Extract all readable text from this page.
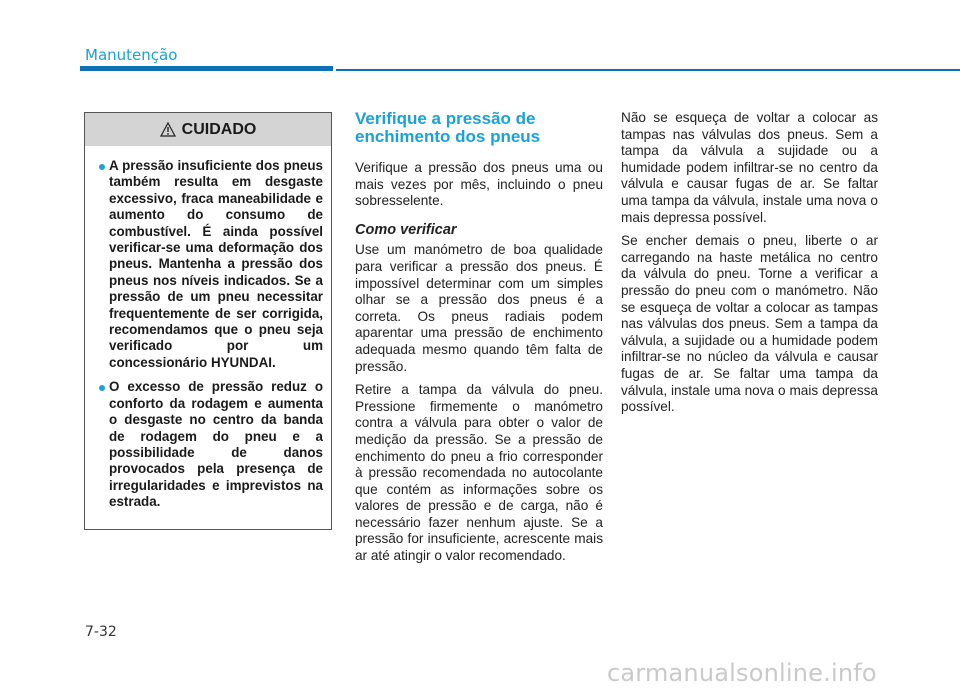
Manutenção
CUIDADO
A pressão insuficiente dos pneus também resulta em desgaste excessivo, fraca maneabilidade e aumento do consumo de combustível. É ainda possível verificar-se uma deformação dos pneus. Mantenha a pressão dos pneus nos níveis indicados. Se a pressão de um pneu necessitar frequentemente de ser corrigida, recomendamos que o pneu seja verificado por um concessionário HYUNDAI.
O excesso de pressão reduz o conforto da rodagem e aumenta o desgaste no centro da banda de rodagem do pneu e a possibilidade de danos provocados pela presença de irregularidades e imprevistos na estrada.
Verifique a pressão de enchimento dos pneus

Verifique a pressão dos pneus uma ou mais vezes por mês, incluindo o pneu sobresselente.

Como verificar

Use um manómetro de boa qualidade para verificar a pressão dos pneus. É impossível determinar com um simples olhar se a pressão dos pneus é a correta. Os pneus radiais podem aparentar uma pressão de enchimento adequada mesmo quando têm falta de pressão.

Retire a tampa da válvula do pneu. Pressione firmemente o manómetro contra a válvula para obter o valor de medição da pressão. Se a pressão de enchimento do pneu a frio corresponder à pressão recomendada no autocolante que contém as informações sobre os valores de pressão e de carga, não é necessário fazer nenhum ajuste. Se a pressão for insuficiente, acrescente mais ar até atingir o valor recomendado.

Não se esqueça de voltar a colocar as tampas nas válvulas dos pneus. Sem a tampa da válvula a sujidade ou a humidade podem infiltrar-se no centro da válvula e causar fugas de ar. Se faltar uma tampa da válvula, instale uma nova o mais depressa possível.

Se encher demais o pneu, liberte o ar carregando na haste metálica no centro da válvula do pneu. Torne a verificar a pressão do pneu com o manómetro. Não se esqueça de voltar a colocar as tampas nas válvulas dos pneus. Sem a tampa da válvula, a sujidade ou a humidade podem infiltrar-se no núcleo da válvula e causar fugas de ar. Se faltar uma tampa da válvula, instale uma nova o mais depressa possível.

7-32
carmanualsonline.info
